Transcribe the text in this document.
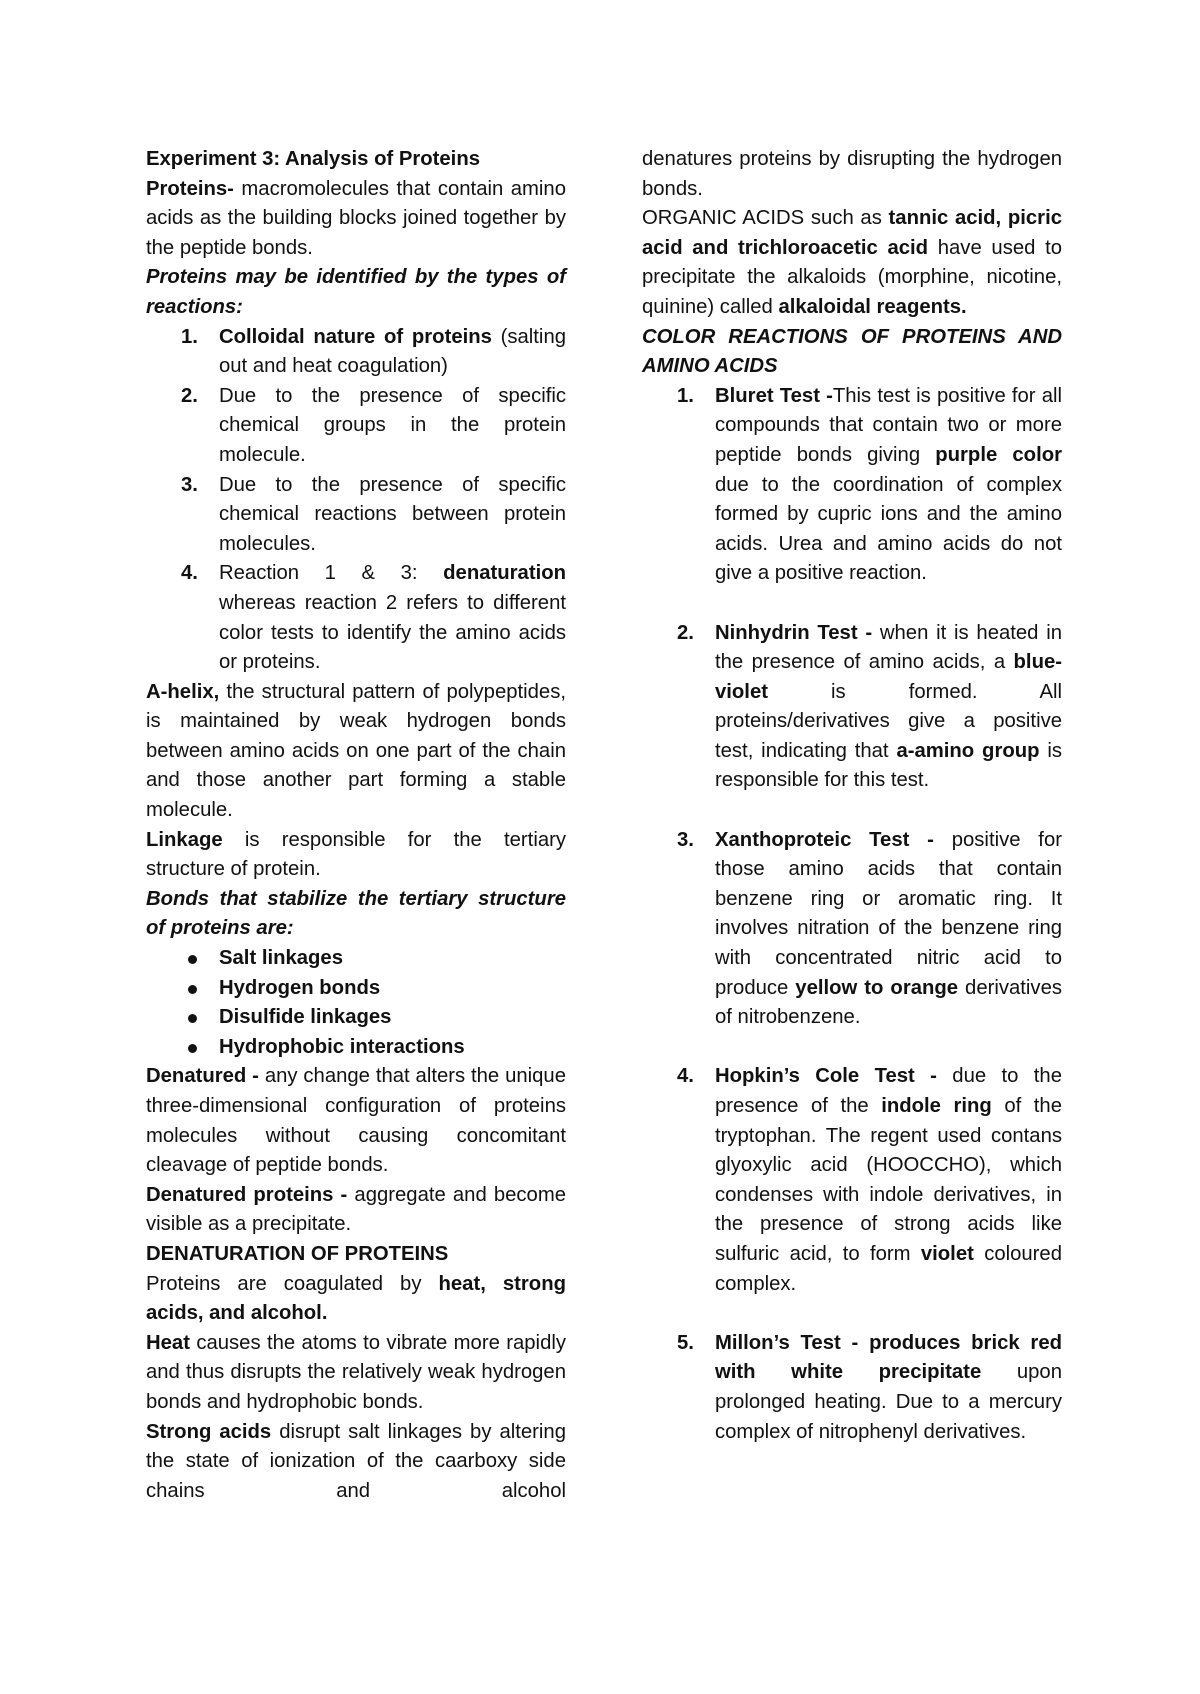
Experiment 3: Analysis of Proteins

Proteins- macromolecules that contain amino acids as the building blocks joined together by the peptide bonds.

Proteins may be identified by the types of reactions:

1. Colloidal nature of proteins (salting out and heat coagulation)
2. Due to the presence of specific chemical groups in the protein molecule.
3. Due to the presence of specific chemical reactions between protein molecules.
4. Reaction 1 & 3: denaturation whereas reaction 2 refers to different color tests to identify the amino acids or proteins.

A-helix, the structural pattern of polypeptides, is maintained by weak hydrogen bonds between amino acids on one part of the chain and those another part forming a stable molecule.

Linkage is responsible for the tertiary structure of protein.

Bonds that stabilize the tertiary structure of proteins are:

Salt linkages
Hydrogen bonds
Disulfide linkages
Hydrophobic interactions

Denatured - any change that alters the unique three-dimensional configuration of proteins molecules without causing concomitant cleavage of peptide bonds.

Denatured proteins - aggregate and become visible as a precipitate.

DENATURATION OF PROTEINS

Proteins are coagulated by heat, strong acids, and alcohol.

Heat causes the atoms to vibrate more rapidly and thus disrupts the relatively weak hydrogen bonds and hydrophobic bonds.

Strong acids disrupt salt linkages by altering the state of ionization of the caarboxy side chains and alcohol

denatures proteins by disrupting the hydrogen bonds.

ORGANIC ACIDS such as tannic acid, picric acid and trichloroacetic acid have used to precipitate the alkaloids (morphine, nicotine, quinine) called alkaloidal reagents.

COLOR REACTIONS OF PROTEINS AND AMINO ACIDS

1. Bluret Test -This test is positive for all compounds that contain two or more peptide bonds giving purple color due to the coordination of complex formed by cupric ions and the amino acids. Urea and amino acids do not give a positive reaction.
2. Ninhydrin Test - when it is heated in the presence of amino acids, a blue-violet is formed. All proteins/derivatives give a positive test, indicating that a-amino group is responsible for this test.
3. Xanthoproteic Test - positive for those amino acids that contain benzene ring or aromatic ring. It involves nitration of the benzene ring with concentrated nitric acid to produce yellow to orange derivatives of nitrobenzene.
4. Hopkin’s Cole Test - due to the presence of the indole ring of the tryptophan. The regent used contans glyoxylic acid (HOOCCHO), which condenses with indole derivatives, in the presence of strong acids like sulfuric acid, to form violet coloured complex.
5. Millon’s Test - produces brick red with white precipitate upon prolonged heating. Due to a mercury complex of nitrophenyl derivatives.
